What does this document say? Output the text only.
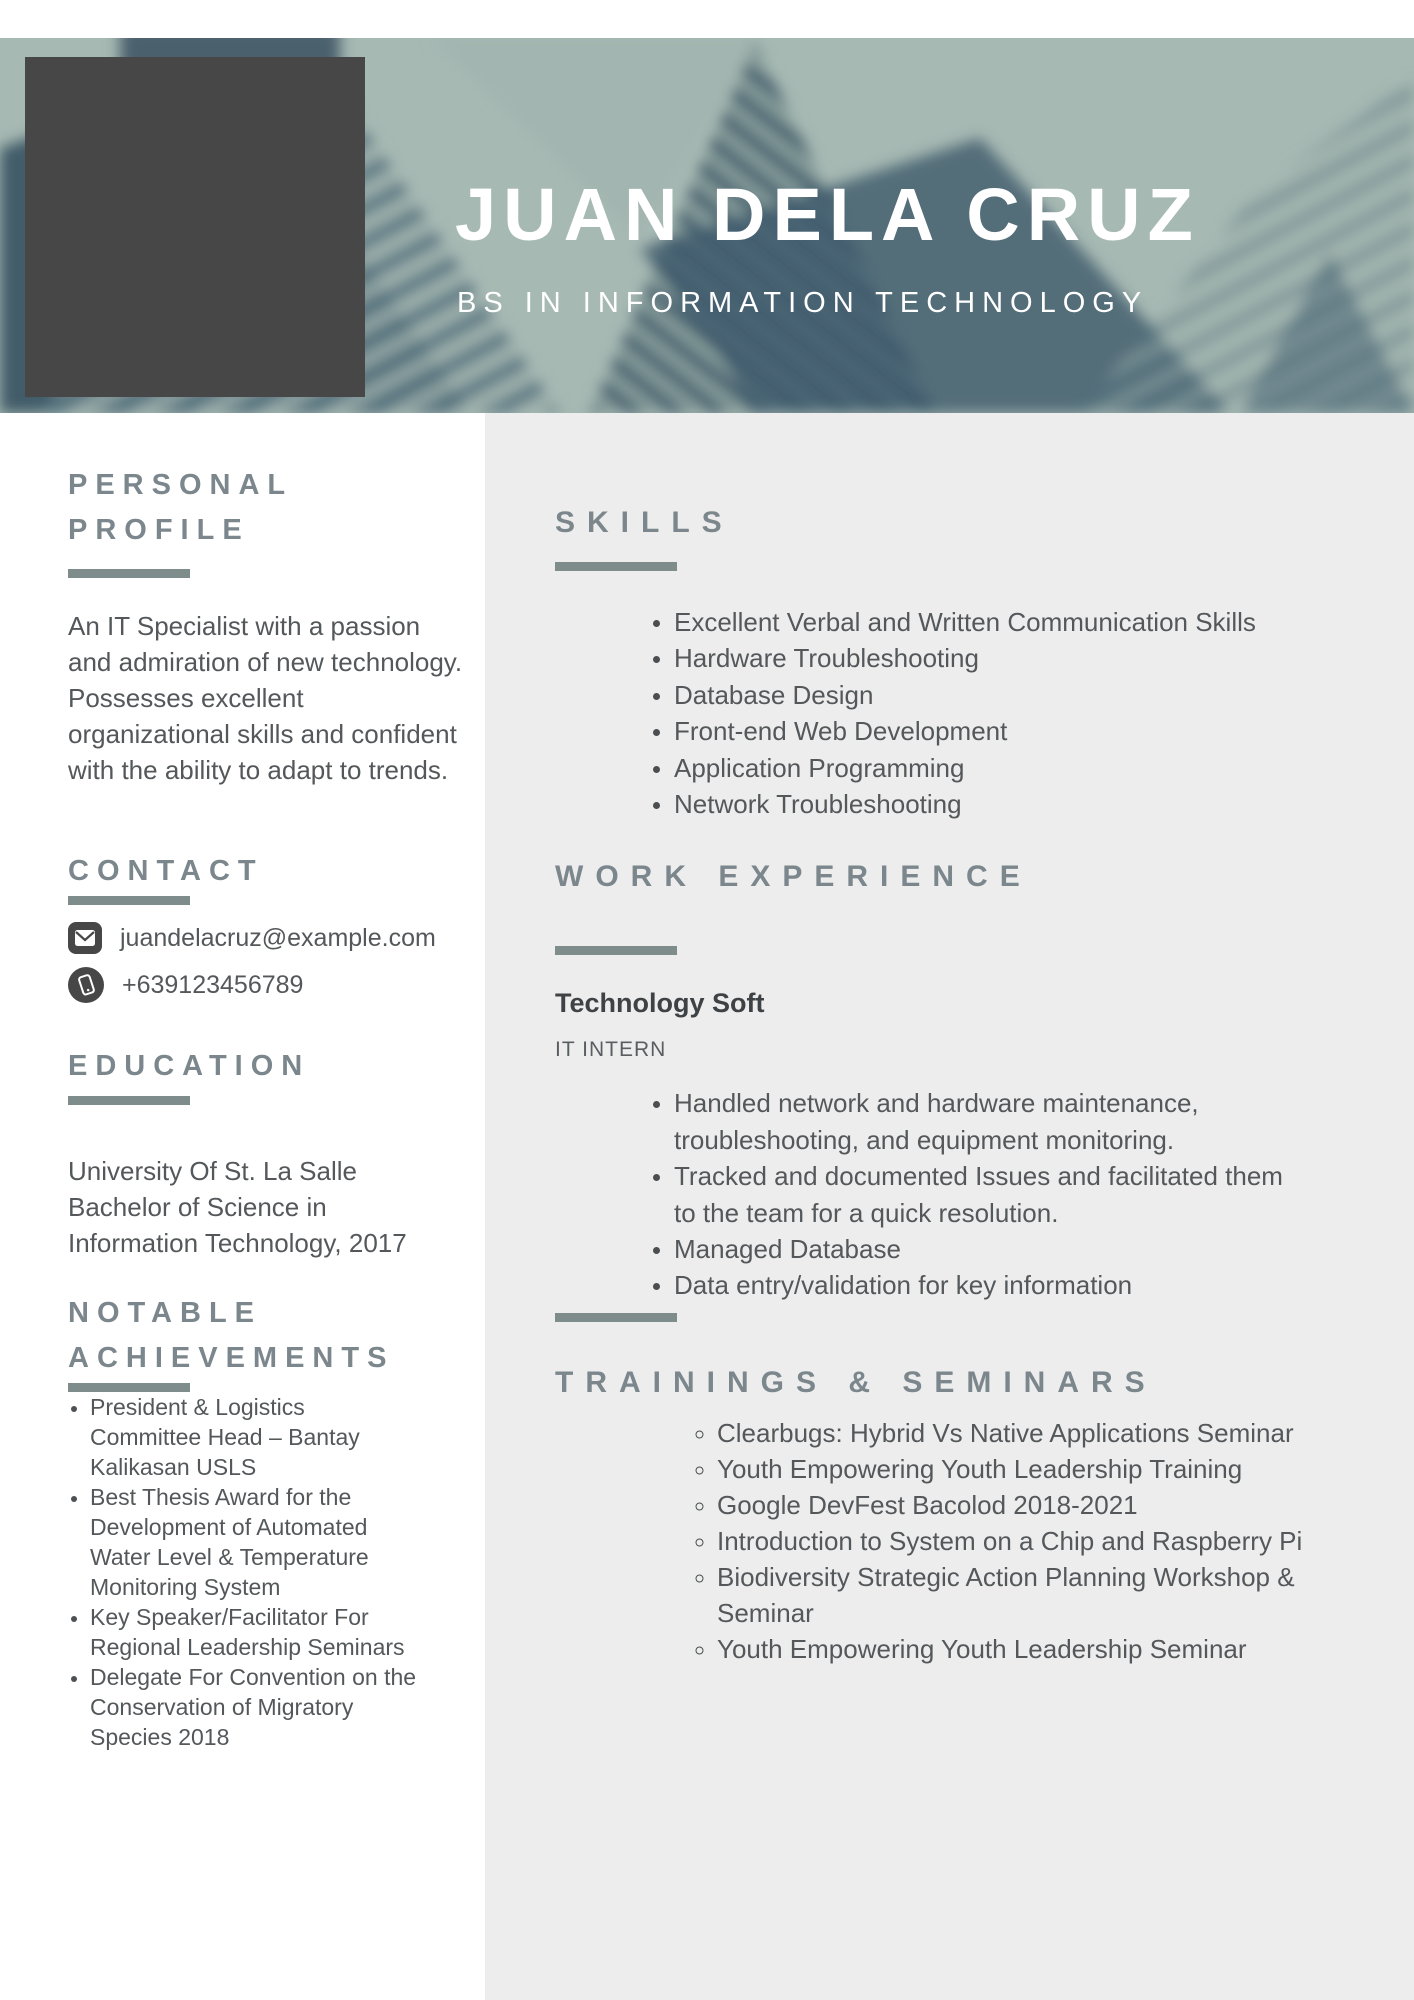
JUAN DELA CRUZ
BS IN INFORMATION TECHNOLOGY
PERSONAL
PROFILE

An IT Specialist with a passion and admiration of new technology. Possesses excellent organizational skills and confident with the ability to adapt to trends.

CONTACT
juandelacruz@example.com
+639123456789
EDUCATION
University Of St. La Salle
Bachelor of Science in
Information Technology, 2017
NOTABLE
ACHIEVEMENTS
• President & Logistics Committee Head – Bantay Kalikasan USLS
• Best Thesis Award for the Development of Automated Water Level & Temperature Monitoring System
• Key Speaker/Facilitator For Regional Leadership Seminars
• Delegate For Convention on the Conservation of Migratory Species 2018
SKILLS
• Excellent Verbal and Written Communication Skills
• Hardware Troubleshooting
• Database Design
• Front-end Web Development
• Application Programming
• Network Troubleshooting
WORK EXPERIENCE
Technology Soft
IT INTERN
• Handled network and hardware maintenance, troubleshooting, and equipment monitoring.
• Tracked and documented Issues and facilitated them to the team for a quick resolution.
• Managed Database
• Data entry/validation for key information
TRAININGS & SEMINARS
◦ Clearbugs: Hybrid Vs Native Applications Seminar
◦ Youth Empowering Youth Leadership Training
◦ Google DevFest Bacolod 2018-2021
◦ Introduction to System on a Chip and Raspberry Pi
◦ Biodiversity Strategic Action Planning Workshop & Seminar
◦ Youth Empowering Youth Leadership Seminar
